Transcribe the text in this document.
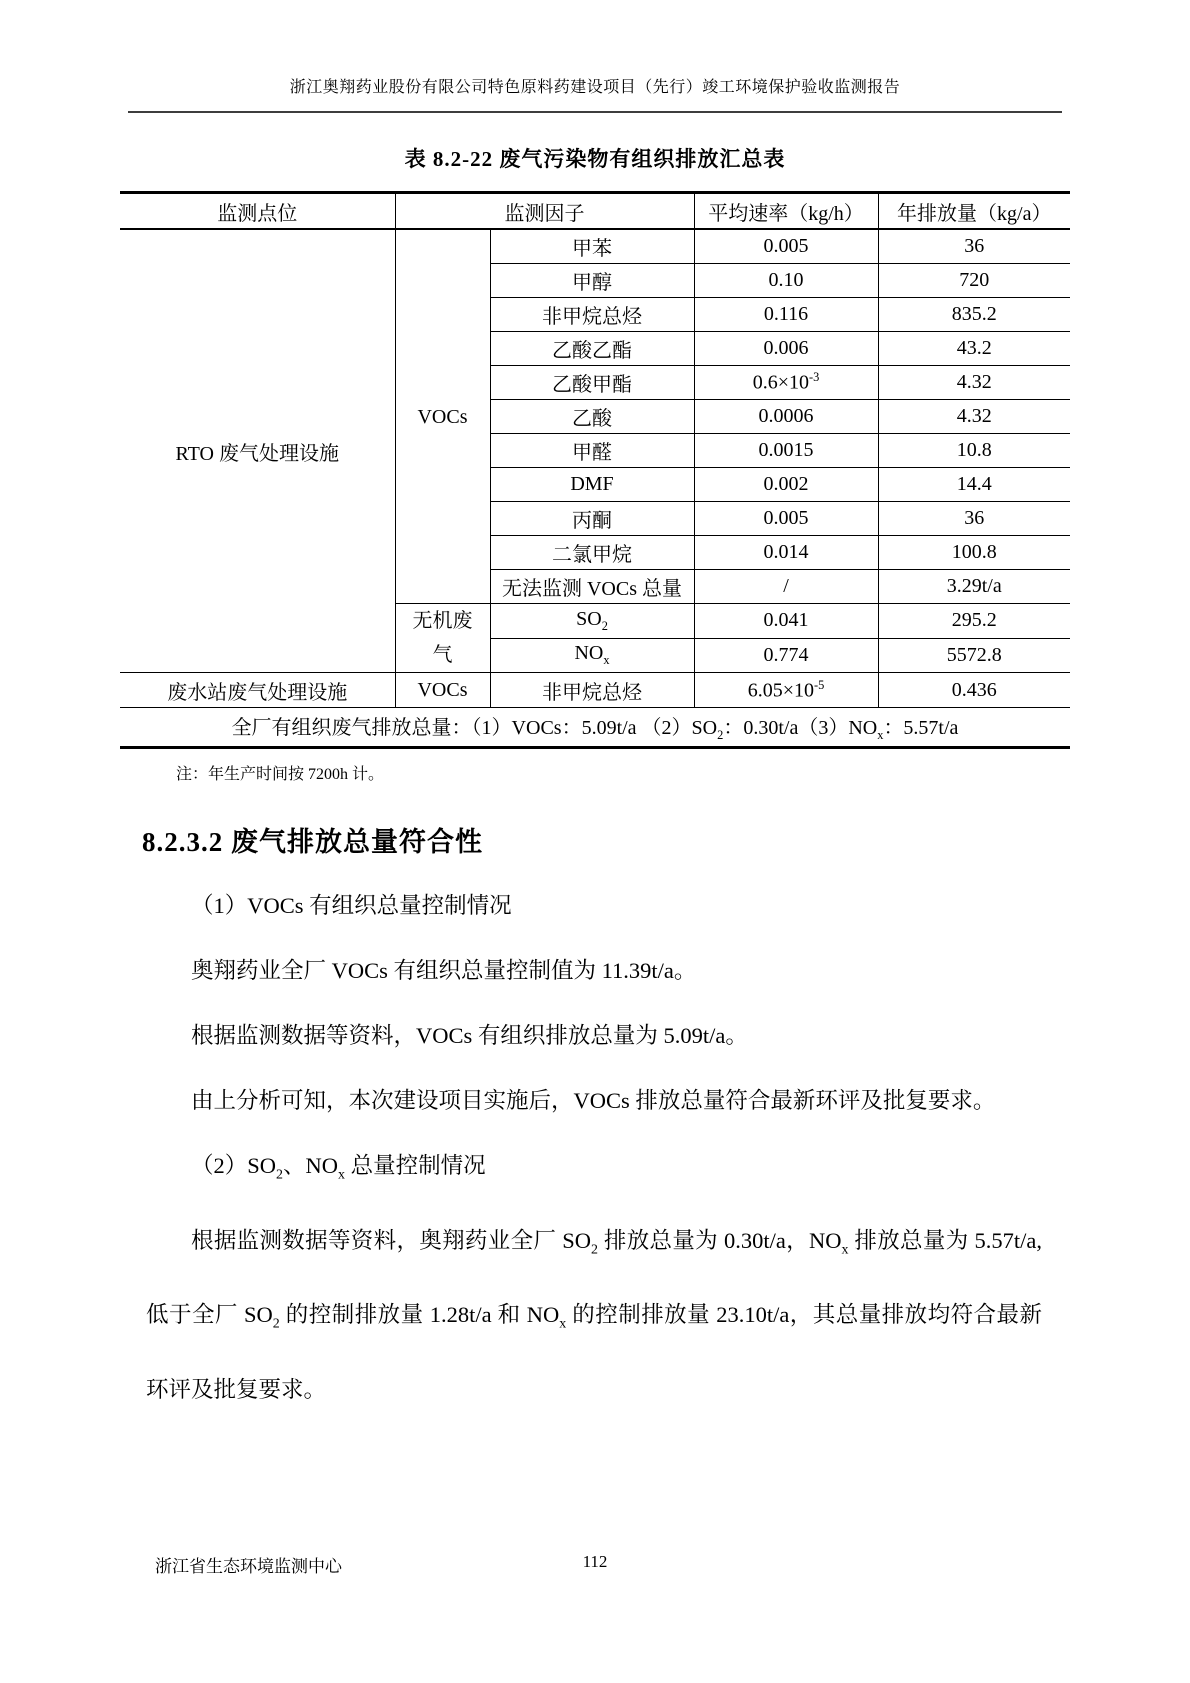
浙江奥翔药业股份有限公司特色原料药建设项目（先行）竣工环境保护验收监测报告
表 8.2-22 废气污染物有组织排放汇总表
监测点位	监测因子		平均速率（kg/h）	年排放量（kg/a）
RTO 废气处理设施	VOCs	甲苯	0.005	36
		甲醇	0.10	720
		非甲烷总烃	0.116	835.2
		乙酸乙酯	0.006	43.2
		乙酸甲酯	$0.6\times 10^{-3}$	4.32
		乙酸	0.0006	4.32
		甲醛	0.0015	10.8
		DMF	0.002	14.4
		丙酮	0.005	36
		二氯甲烷	0.014	100.8
		无法监测 VOCs 总量	/	3.29t/a
	无机废气	$SO_2$	0.041	295.2
		$NO_x$	0.774	5572.8
废水站废气处理设施	VOCs	非甲烷总烃	$6.05\times 10^{-5}$	0.436
全厂有组织废气排放总量：（1）VOCs：5.09t/a $(2)SO_2$：$0.30t/a(3)NO_x$：5.57t/a				
注：年生产时间按 7200h 计。
8.2.3.2 废气排放总量符合性

（1）VOCs 有组织总量控制情况

奥翔药业全厂 VOCs 有组织总量控制值为 11.39t/a。

根据监测数据等资料，VOCs 有组织排放总量为 5.09t/a。

由上分析可知，本次建设项目实施后，VOCs 排放总量符合最新环评及批复要求。

$(2)SO_2$、$NO_x$ 总量控制情况

根据监测数据等资料，奥翔药业全厂 $SO_2$ 排放总量为 0.30t/a，$NO_x$ 排放总量为 5.57t/a,低于全厂 $SO_2$ 的控制排放量 1.28t/a 和 $NO_x$ 的控制排放量 23.10t/a，其总量排放均符合最新环评及批复要求。

浙江省生态环境监测中心	112
